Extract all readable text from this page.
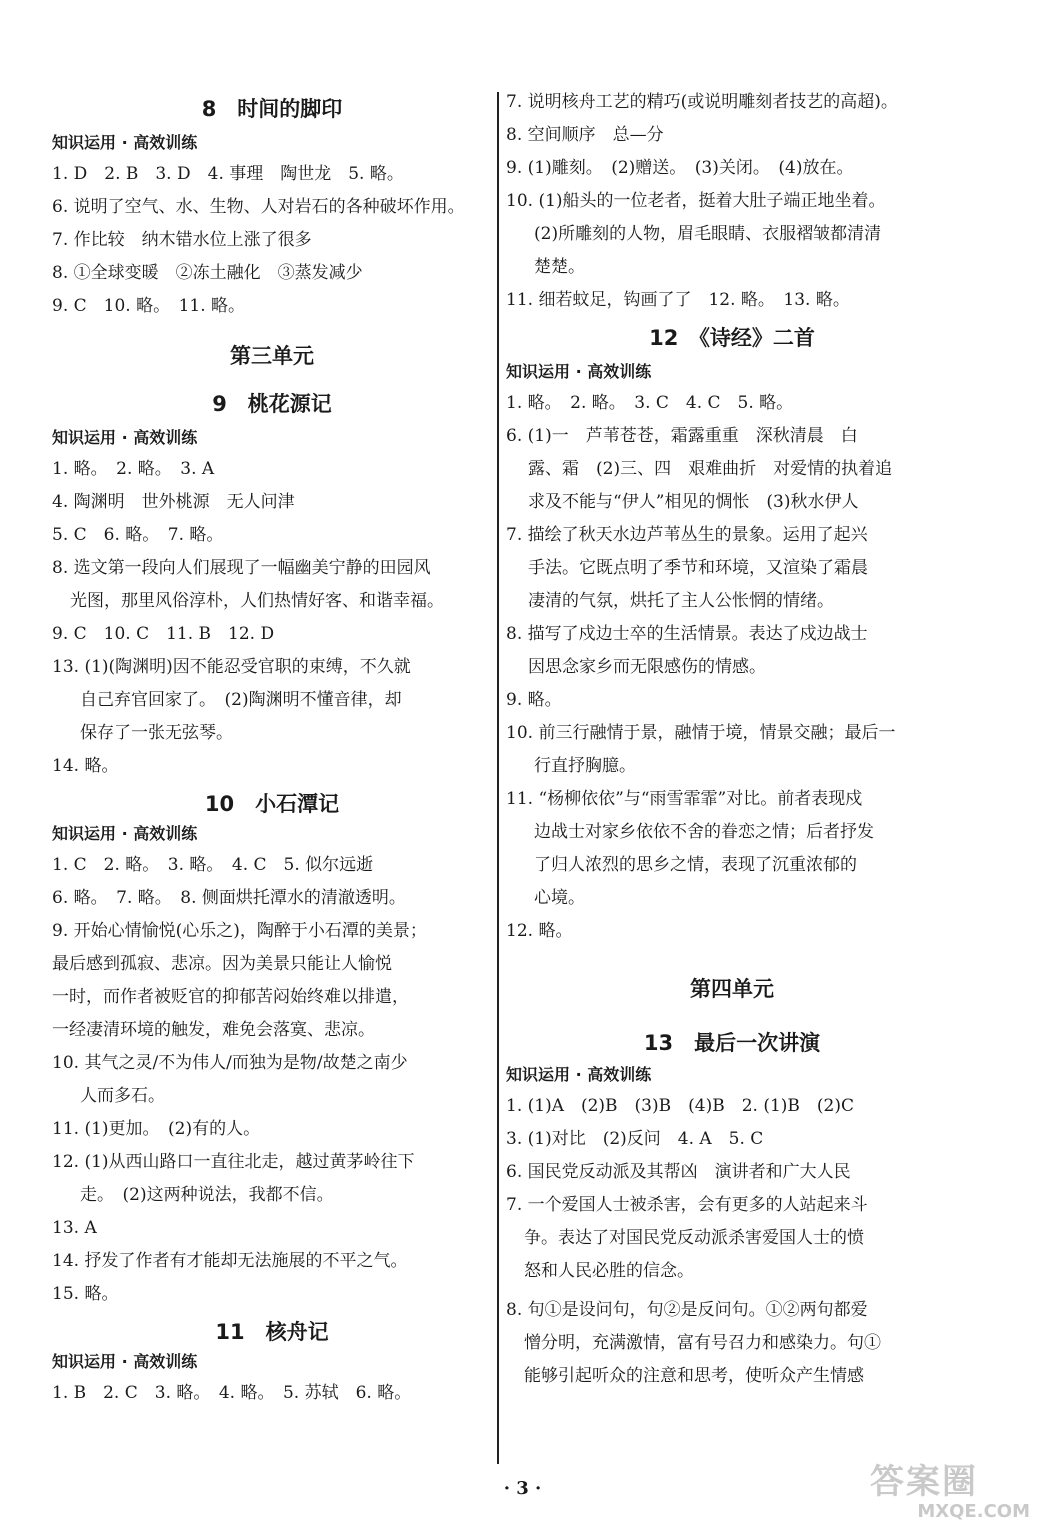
8　时间的脚印
知识运用 · 高效训练
1. D　2. B　3. D　4. 事理　陶世龙　5. 略。
6. 说明了空气、水、生物、人对岩石的各种破坏作用。
7. 作比较　纳木错水位上涨了很多
8. ①全球变暖　②冻土融化　③蒸发减少
9. C　10. 略。　11. 略。
第三单元
9　桃花源记
知识运用 · 高效训练
1. 略。　2. 略。　3. A
4. 陶渊明　世外桃源　无人问津
5. C　6. 略。　7. 略。
8. 选文第一段向人们展现了一幅幽美宁静的田园风
光图，那里风俗淳朴，人们热情好客、和谐幸福。
9. C　10. C　11. B　12. D
13. (1)(陶渊明)因不能忍受官职的束缚，不久就
自己弃官回家了。　(2)陶渊明不懂音律，却
保存了一张无弦琴。
14. 略。
10　小石潭记
知识运用 · 高效训练
1. C　2. 略。　3. 略。　4. C　5. 似尔远逝
6. 略。　7. 略。　8. 侧面烘托潭水的清澈透明。
9. 开始心情愉悦(心乐之)，陶醉于小石潭的美景；
最后感到孤寂、悲凉。因为美景只能让人愉悦
一时，而作者被贬官的抑郁苦闷始终难以排遣，
一经凄清环境的触发，难免会落寞、悲凉。
10. 其气之灵/不为伟人/而独为是物/故楚之南少
人而多石。
11. (1)更加。　(2)有的人。
12. (1)从西山路口一直往北走，越过黄茅岭往下
走。　(2)这两种说法，我都不信。
13. A
14. 抒发了作者有才能却无法施展的不平之气。
15. 略。
11　核舟记
知识运用 · 高效训练
1. B　2. C　3. 略。　4. 略。　5. 苏轼　6. 略。
7. 说明核舟工艺的精巧(或说明雕刻者技艺的高超)。
8. 空间顺序　总—分
9. (1)雕刻。　(2)赠送。　(3)关闭。　(4)放在。
10. (1)船头的一位老者，挺着大肚子端正地坐着。
(2)所雕刻的人物，眉毛眼睛、衣服褶皱都清清
楚楚。
11. 细若蚊足，钩画了了　12. 略。　13. 略。
12　《诗经》二首
知识运用 · 高效训练
1. 略。　2. 略。　3. C　4. C　5. 略。
6. (1)一　芦苇苍苍，霜露重重　深秋清晨　白
露、霜　(2)三、四　艰难曲折　对爱情的执着追
求及不能与“伊人”相见的惆怅　(3)秋水伊人
7. 描绘了秋天水边芦苇丛生的景象。运用了起兴
手法。它既点明了季节和环境，又渲染了霜晨
凄清的气氛，烘托了主人公怅惘的情绪。
8. 描写了戍边士卒的生活情景。表达了戍边战士
因思念家乡而无限感伤的情感。
9. 略。
10. 前三行融情于景，融情于境，情景交融；最后一
行直抒胸臆。
11. “杨柳依依”与“雨雪霏霏”对比。前者表现戍
边战士对家乡依依不舍的眷恋之情；后者抒发
了归人浓烈的思乡之情，表现了沉重浓郁的
心境。
12. 略。
第四单元
13　最后一次讲演
知识运用 · 高效训练
1. (1)A　(2)B　(3)B　(4)B　2. (1)B　(2)C
3. (1)对比　(2)反问　4. A　5. C
6. 国民党反动派及其帮凶　演讲者和广大人民
7. 一个爱国人士被杀害，会有更多的人站起来斗
争。表达了对国民党反动派杀害爱国人士的愤
怒和人民必胜的信念。
8. 句①是设问句，句②是反问句。①②两句都爱
憎分明，充满激情，富有号召力和感染力。句①
能够引起听众的注意和思考，使听众产生情感
· 3 ·	答案圈
MXQE.COM
